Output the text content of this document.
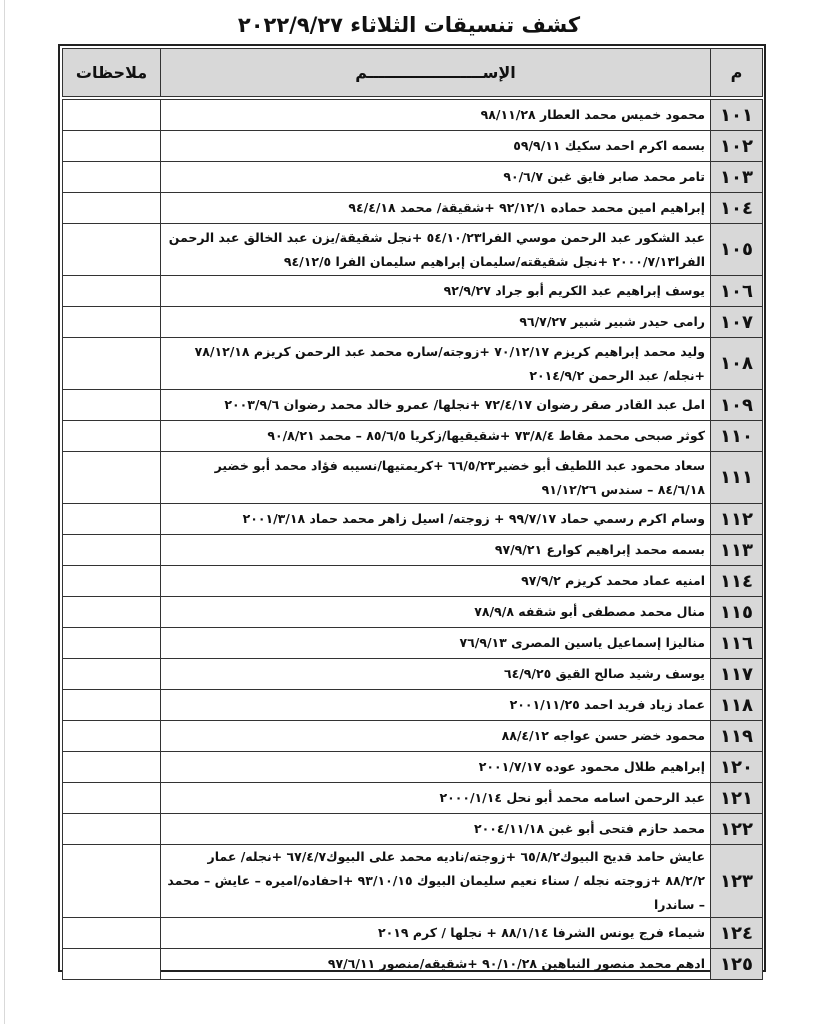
كشف تنسيقات الثلاثاء ٢٠٢٢/٩/٢٧
م	الإســـــــــــــــــــــم	ملاحظات

١٠١	محمود خميس محمد العطار ٩٨/١١/٢٨	
١٠٢	بسمه اكرم احمد سكيك ٥٩/٩/١١	
١٠٣	تامر محمد صابر فايق غبن ٩٠/٦/٧	
١٠٤	إبراهيم امين محمد حماده ٩٢/١٢/١ +شقيقة/ محمد ٩٤/٤/١٨	
١٠٥	عبد الشكور عبد الرحمن موسي الفرا٥٤/١٠/٢٣ +نجل شقيقة/يزن عبد الخالق عبد الرحمن الفرا٢٠٠٠/٧/١٣ +نجل شقيقته/سليمان إبراهيم سليمان الفرا ٩٤/١٢/٥	
١٠٦	يوسف إبراهيم عبد الكريم أبو جراد ٩٢/٩/٢٧	
١٠٧	رامى حيدر شبير شبير ٩٦/٧/٢٧	
١٠٨	وليد محمد إبراهيم كريزم ٧٠/١٢/١٧ +زوجته/ساره محمد عبد الرحمن كريزم ٧٨/١٢/١٨ +نجله/ عبد الرحمن ٢٠١٤/٩/٢	
١٠٩	امل عبد القادر صقر رضوان ٧٢/٤/١٧ +نجلها/ عمرو خالد محمد رضوان ٢٠٠٣/٩/٦	
١١٠	كوثر صبحى محمد مقاط ٧٣/٨/٤ +شقيقيها/زكريا ٨٥/٦/٥ – محمد ٩٠/٨/٢١	
١١١	سعاد محمود عبد اللطيف أبو خضير٦٦/٥/٢٣ +كريمتيها/نسيبه فؤاد محمد أبو خضير ٨٤/٦/١٨ – سندس ٩١/١٢/٢٦	
١١٢	وسام اكرم رسمي حماد ٩٩/٧/١٧ + زوجته/ اسيل زاهر محمد حماد ٢٠٠١/٣/١٨	
١١٣	بسمه محمد إبراهيم كوارع ٩٧/٩/٢١	
١١٤	امنيه عماد محمد كريزم ٩٧/٩/٢	
١١٥	منال محمد مصطفى أبو شقفه ٧٨/٩/٨	
١١٦	مناليزا إسماعيل ياسين المصرى ٧٦/٩/١٣	
١١٧	يوسف رشيد صالح القيق ٦٤/٩/٢٥	
١١٨	عماد زياد فريد احمد ٢٠٠١/١١/٢٥	
١١٩	محمود خضر حسن عواجه ٨٨/٤/١٢	
١٢٠	إبراهيم طلال محمود عوده ٢٠٠١/٧/١٧	
١٢١	عبد الرحمن اسامه محمد أبو نحل ٢٠٠٠/١/١٤	
١٢٢	محمد حازم فتحى أبو غبن ٢٠٠٤/١١/١٨	
١٢٣	عايش حامد قديح البيوك٦٥/٨/٢ +زوجته/ناديه محمد على البيوك٦٧/٤/٧ +نجله/ عمار ٨٨/٢/٢ +زوجته نجله / سناء نعيم سليمان البيوك ٩٣/١٠/١٥ +احفاده/اميره – عايش – محمد – ساندرا	
١٢٤	شيماء فرج يونس الشرفا ٨٨/١/١٤ + نجلها / كرم ٢٠١٩	
١٢٥	ادهم محمد منصور النباهين ٩٠/١٠/٢٨ +شقيقه/منصور ٩٧/٦/١١	
